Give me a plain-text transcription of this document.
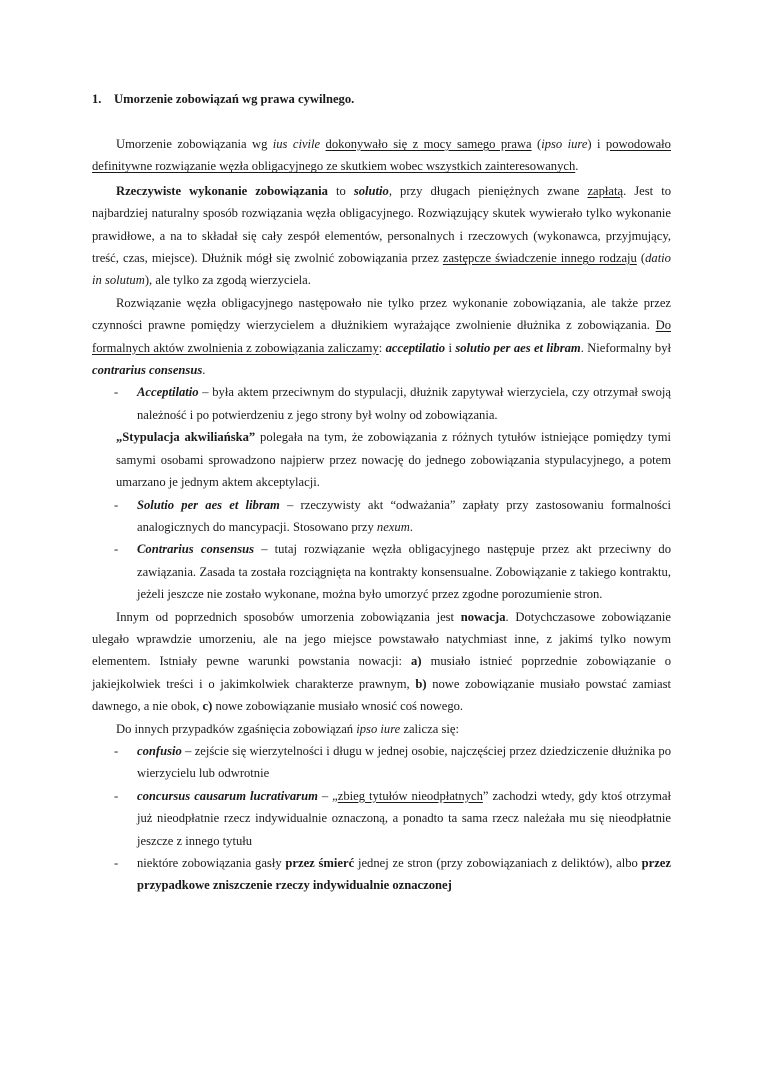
1. Umorzenie zobowiązań wg prawa cywilnego.

Umorzenie zobowiązania wg ius civile dokonywało się z mocy samego prawa (ipso iure) i powodowało definitywne rozwiązanie węzła obligacyjnego ze skutkiem wobec wszystkich zainteresowanych.

Rzeczywiste wykonanie zobowiązania to solutio, przy długach pieniężnych zwane zapłatą. Jest to najbardziej naturalny sposób rozwiązania węzła obligacyjnego. Rozwiązujący skutek wywierało tylko wykonanie prawidłowe, a na to składał się cały zespół elementów, personalnych i rzeczowych (wykonawca, przyjmujący, treść, czas, miejsce). Dłużnik mógł się zwolnić zobowiązania przez zastępcze świadczenie innego rodzaju (datio in solutum), ale tylko za zgodą wierzyciela.

Rozwiązanie węzła obligacyjnego następowało nie tylko przez wykonanie zobowiązania, ale także przez czynności prawne pomiędzy wierzycielem a dłużnikiem wyrażające zwolnienie dłużnika z zobowiązania. Do formalnych aktów zwolnienia z zobowiązania zaliczamy: acceptilatio i solutio per aes et libram. Nieformalny był contrarius consensus.

- Acceptilatio – była aktem przeciwnym do stypulacji, dłużnik zapytywał wierzyciela, czy otrzymał swoją należność i po potwierdzeniu z jego strony był wolny od zobowiązania.
„Stypulacja akwiliańska” polegała na tym, że zobowiązania z różnych tytułów istniejące pomiędzy tymi samymi osobami sprowadzono najpierw przez nowację do jednego zobowiązania stypulacyjnego, a potem umarzano je jednym aktem akceptylacji.
- Solutio per aes et libram – rzeczywisty akt “odważania” zapłaty przy zastosowaniu formalności analogicznych do mancypacji. Stosowano przy nexum.
- Contrarius consensus – tutaj rozwiązanie węzła obligacyjnego następuje przez akt przeciwny do zawiązania. Zasada ta została rozciągnięta na kontrakty konsensualne. Zobowiązanie z takiego kontraktu, jeżeli jeszcze nie zostało wykonane, można było umorzyć przez zgodne porozumienie stron.

Innym od poprzednich sposobów umorzenia zobowiązania jest nowacja. Dotychczasowe zobowiązanie ulegało wprawdzie umorzeniu, ale na jego miejsce powstawało natychmiast inne, z jakimś tylko nowym elementem. Istniały pewne warunki powstania nowacji: a) musiało istnieć poprzednie zobowiązanie o jakiejkolwiek treści i o jakimkolwiek charakterze prawnym, b) nowe zobowiązanie musiało powstać zamiast dawnego, a nie obok, c) nowe zobowiązanie musiało wnosić coś nowego.

Do innych przypadków zgaśnięcia zobowiązań ipso iure zalicza się:

- confusio – zejście się wierzytelności i długu w jednej osobie, najczęściej przez dziedziczenie dłużnika po wierzycielu lub odwrotnie
- concursus causarum lucrativarum – „zbieg tytułów nieodpłatnych” zachodzi wtedy, gdy ktoś otrzymał już nieodpłatnie rzecz indywidualnie oznaczoną, a ponadto ta sama rzecz należała mu się nieodpłatnie jeszcze z innego tytułu
- niektóre zobowiązania gasły przez śmierć jednej ze stron (przy zobowiązaniach z deliktów), albo przez przypadkowe zniszczenie rzeczy indywidualnie oznaczonej
